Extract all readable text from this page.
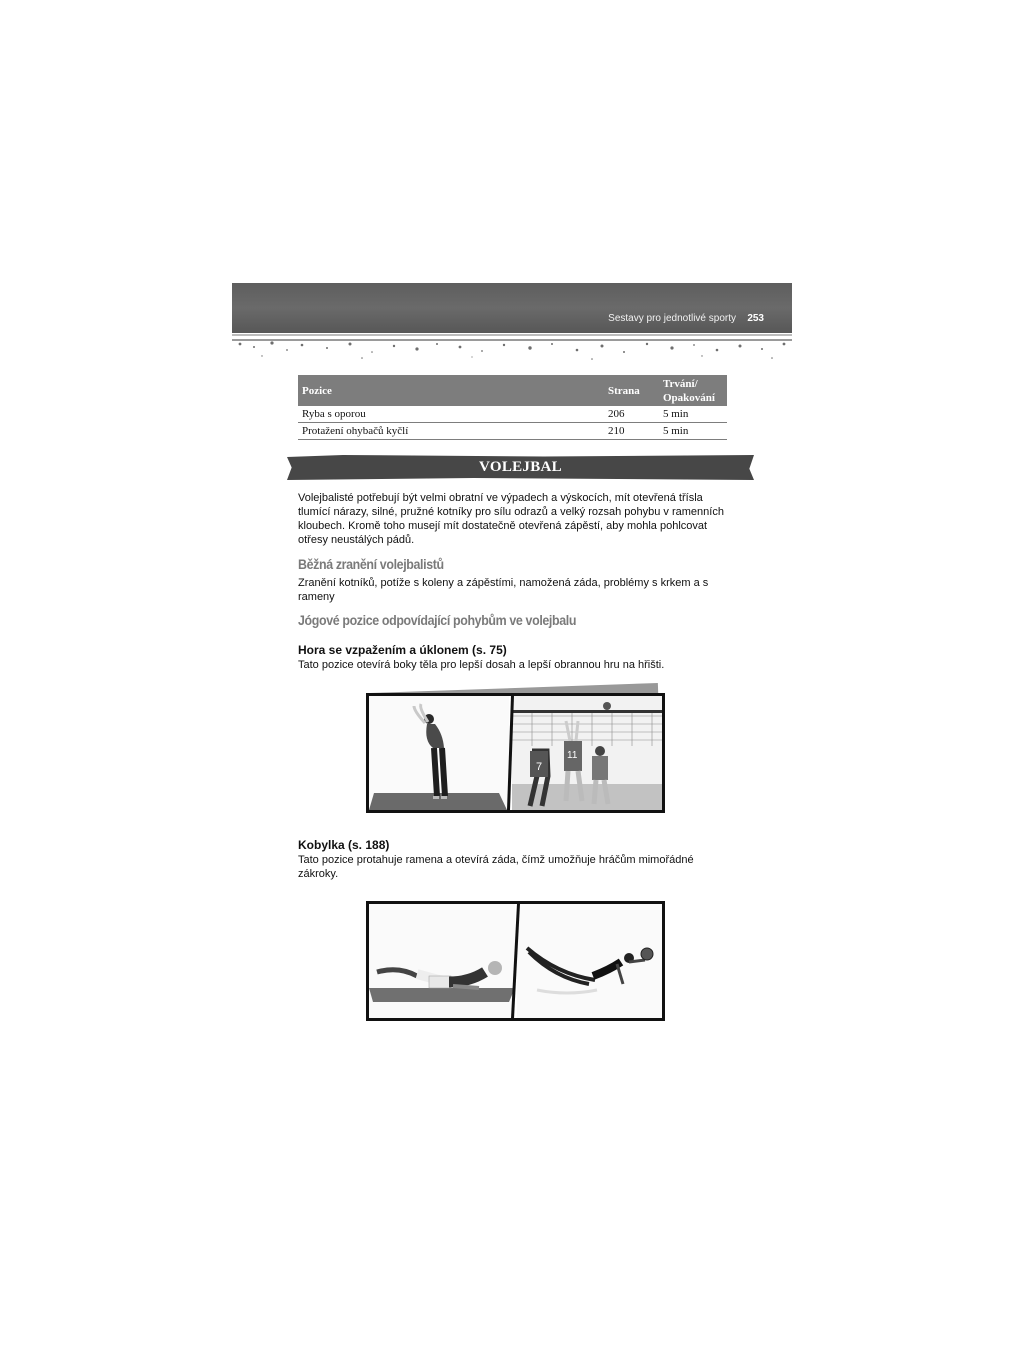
Sestavy pro jednotlivé sporty 253
Pozice	Strana	Trvání/
Opakování
Ryba s oporou	206	5 min
Protažení ohybačů kyčlí	210	5 min
VOLEJBAL
Volejbalisté potřebují být velmi obratní ve výpadech a výskocích, mít otevřená třísla tlumící nárazy, silné, pružné kotníky pro sílu odrazů a velký rozsah pohybu v ramenních kloubech. Kromě toho musejí mít dostatečně otevřená zápěstí, aby mohla pohlcovat otřesy neustálých pádů.
Běžná zranění volejbalistů
Zranění kotníků, potíže s koleny a zápěstími, namožená záda, problémy s krkem a s rameny
Jógové pozice odpovídající pohybům ve volejbalu
Hora se vzpažením a úklonem (s. 75)
Tato pozice otevírá boky těla pro lepší dosah a lepší obrannou hru na hřišti.
7
11
Kobylka (s. 188)
Tato pozice protahuje ramena a otevírá záda, čímž umožňuje hráčům mimořádné zákroky.
